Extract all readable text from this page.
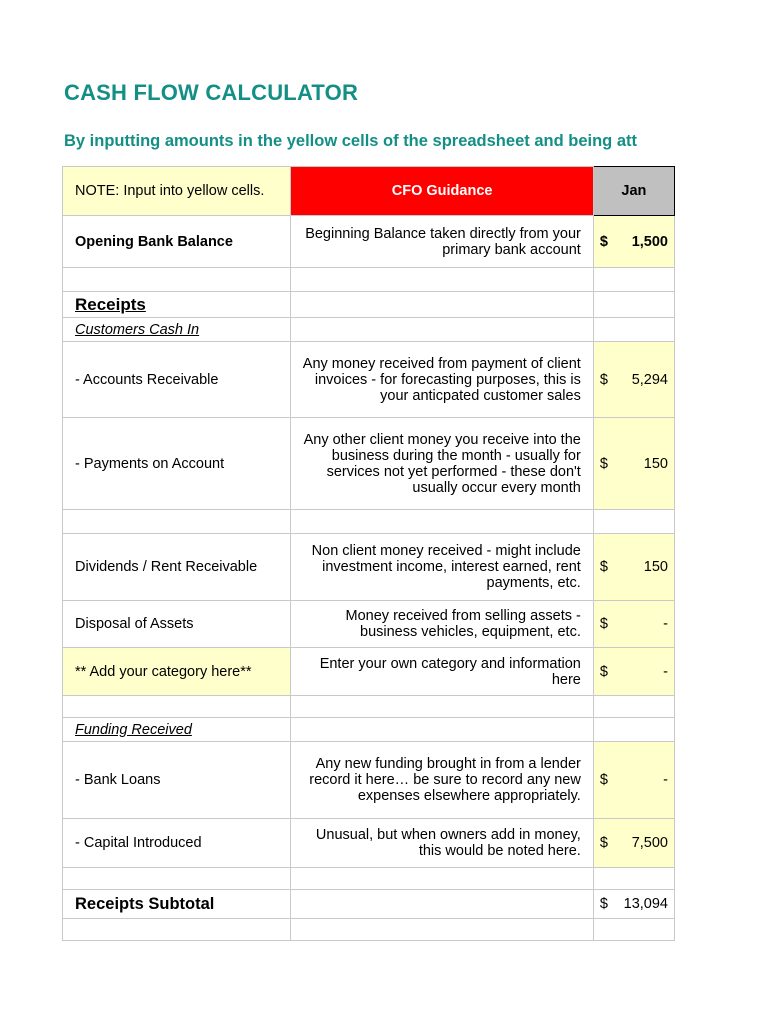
CASH FLOW CALCULATOR
By inputting amounts in the yellow cells of the spreadsheet and being att
NOTE: Input into yellow cells.	CFO Guidance	Jan
Opening Bank Balance	Beginning Balance taken directly from your primary bank account	$ 1,500

Receipts		
Customers Cash In		
- Accounts Receivable	Any money received from payment of client invoices - for forecasting purposes, this is your anticpated customer sales	$ 5,294

- Payments on Account	Any other client money you receive into the business during the month - usually for services not yet performed - these don't usually occur every month	$ 150

Dividends / Rent Receivable	Non client money received - might include investment income, interest earned, rent payments, etc.	$ 150

Disposal of Assets	Money received from selling assets - business vehicles, equipment, etc.	$ -

** Add your category here**	Enter your own category and information here	$ -

Funding Received		
- Bank Loans	Any new funding brought in from a lender record it here… be sure to record any new expenses elsewhere appropriately.	$ -

- Capital Introduced	Unusual, but when owners add in money, this would be noted here.	$ 7,500

Receipts Subtotal		$ 13,094
